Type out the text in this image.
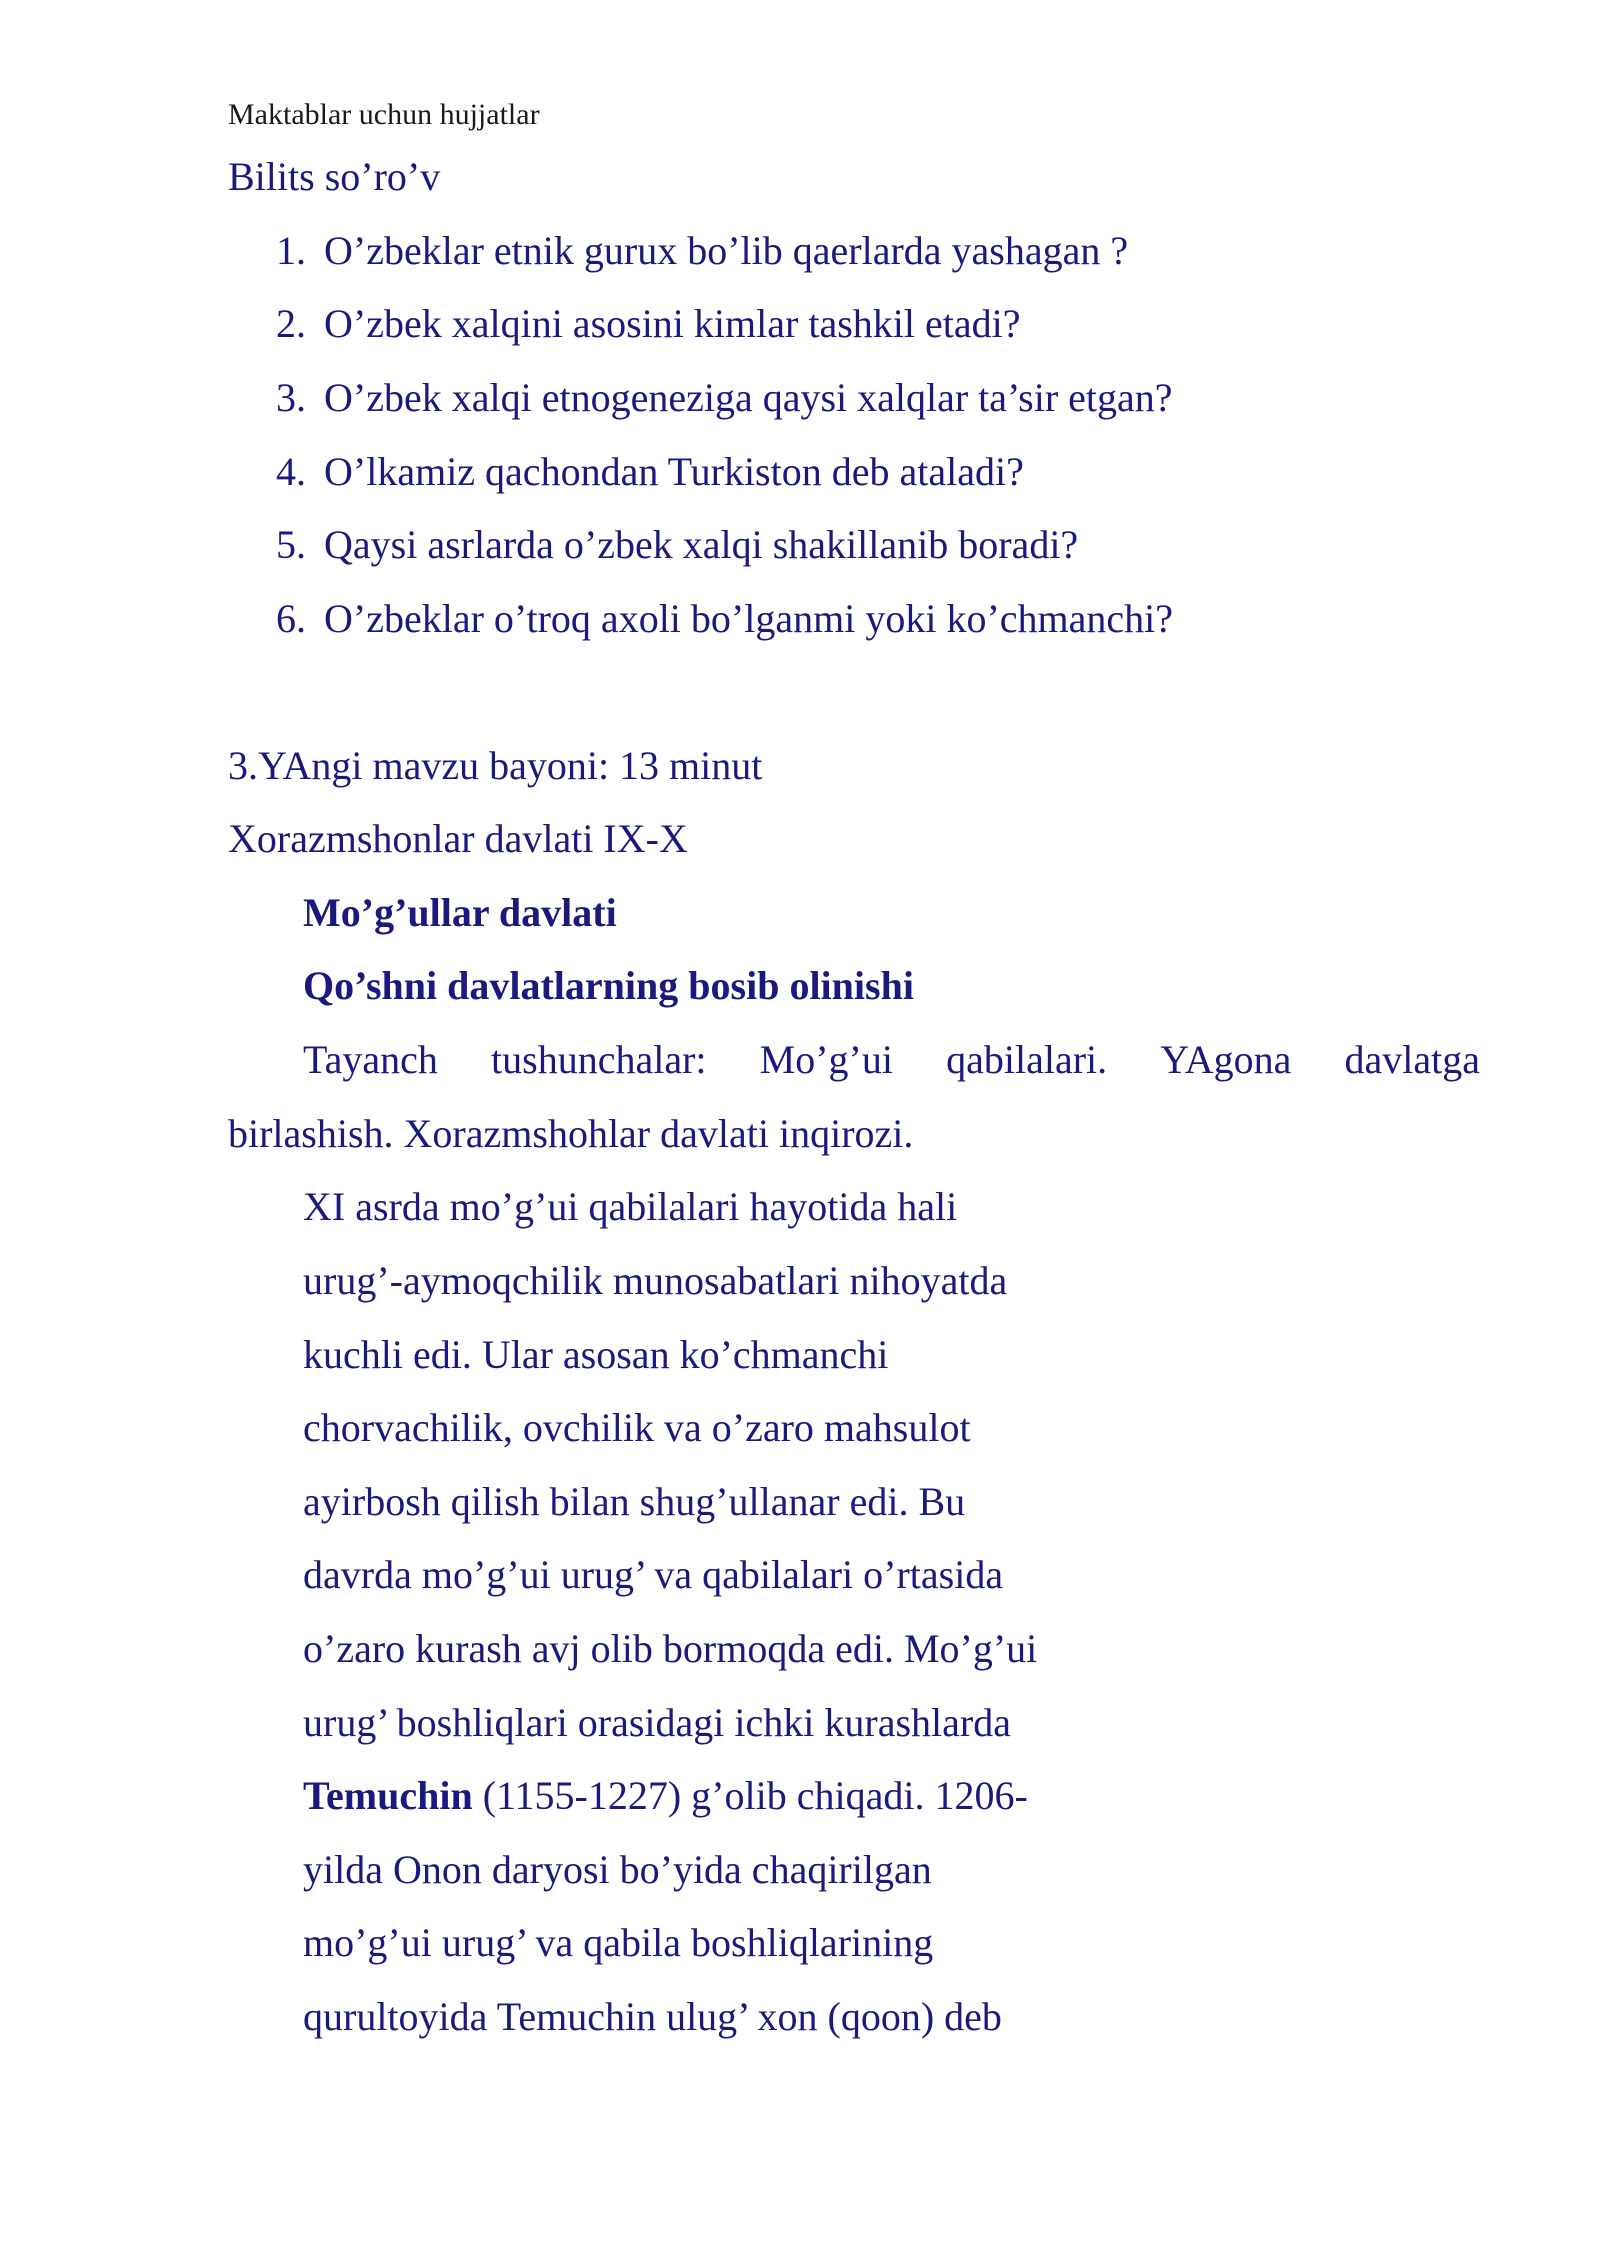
Maktablar uchun hujjatlar
Bilits so’ro’v
1. O’zbeklar etnik gurux bo’lib qaerlarda yashagan ?
2. O’zbek xalqini asosini kimlar tashkil etadi?
3. O’zbek xalqi etnogeneziga qaysi xalqlar ta’sir etgan?
4. O’lkamiz qachondan Turkiston deb ataladi?
5. Qaysi asrlarda o’zbek xalqi shakillanib boradi?
6. O’zbeklar o’troq axoli bo’lganmi yoki ko’chmanchi?
3.YAngi mavzu bayoni: 13 minut
Xorazmshonlar davlati IX-X
Mo’g’ullar davlati
Qo’shni davlatlarning bosib olinishi
Tayanch tushunchalar: Mo’g’ui qabilalari. YAgona davlatga
birlashish. Xorazmshohlar davlati inqirozi.
XI asrda mo’g’ui qabilalari hayotida hali
urug’-aymoqchilik munosabatlari nihoyatda
kuchli edi. Ular asosan ko’chmanchi
chorvachilik, ovchilik va o’zaro mahsulot
ayirbosh qilish bilan shug’ullanar edi. Bu
davrda mo’g’ui urug’ va qabilalari o’rtasida
o’zaro kurash avj olib bormoqda edi. Mo’g’ui
urug’ boshliqlari orasidagi ichki kurashlarda
Temuchin (1155-1227) g’olib chiqadi. 1206-
yilda Onon daryosi bo’yida chaqirilgan
mo’g’ui urug’ va qabila boshliqlarining
qurultoyida Temuchin ulug’ xon (qoon) deb
